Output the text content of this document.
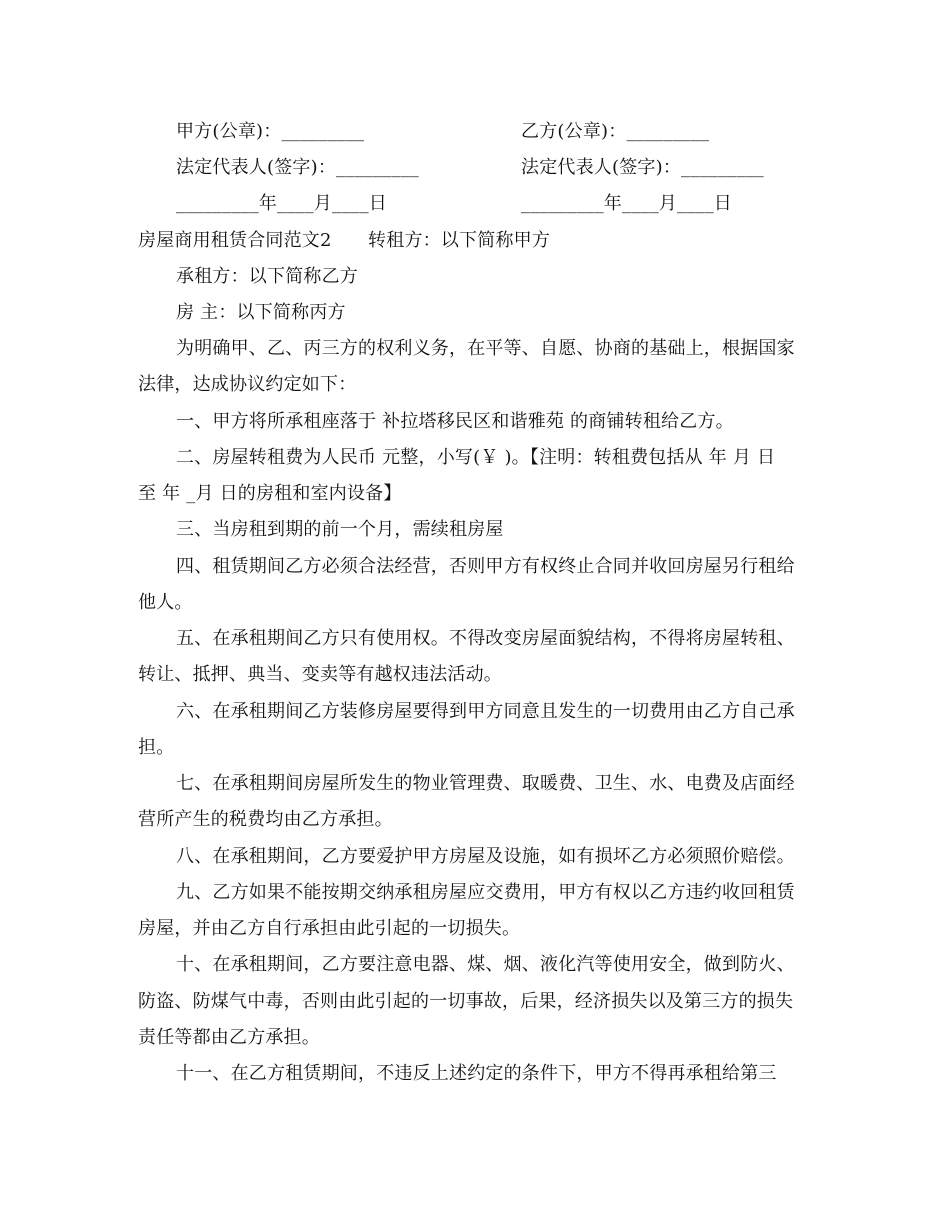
甲方(公章)：_________	乙方(公章)：_________
法定代表人(签字)：_________	法定代表人(签字)：_________
_________年____月____日	_________年____月____日
房屋商用租赁合同范文2　　转租方：以下简称甲方
承租方：以下简称乙方
房 主：以下简称丙方
为明确甲、乙、丙三方的权利义务，在平等、自愿、协商的基础上，根据国家
法律，达成协议约定如下：
一、甲方将所承租座落于 补拉塔移民区和谐雅苑 的商铺转租给乙方。
二、房屋转租费为人民币 元整，小写(￥ )。【注明：转租费包括从 年 月 日
至 年 _月 日的房租和室内设备】
三、当房租到期的前一个月，需续租房屋
四、租赁期间乙方必须合法经营，否则甲方有权终止合同并收回房屋另行租给
他人。
五、在承租期间乙方只有使用权。不得改变房屋面貌结构，不得将房屋转租、
转让、抵押、典当、变卖等有越权违法活动。
六、在承租期间乙方装修房屋要得到甲方同意且发生的一切费用由乙方自己承
担。
七、在承租期间房屋所发生的物业管理费、取暖费、卫生、水、电费及店面经
营所产生的税费均由乙方承担。
八、在承租期间，乙方要爱护甲方房屋及设施，如有损坏乙方必须照价赔偿。
九、乙方如果不能按期交纳承租房屋应交费用，甲方有权以乙方违约收回租赁
房屋，并由乙方自行承担由此引起的一切损失。
十、在承租期间，乙方要注意电器、煤、烟、液化汽等使用安全，做到防火、
防盗、防煤气中毒，否则由此引起的一切事故，后果，经济损失以及第三方的损失
责任等都由乙方承担。
十一、在乙方租赁期间，不违反上述约定的条件下，甲方不得再承租给第三
